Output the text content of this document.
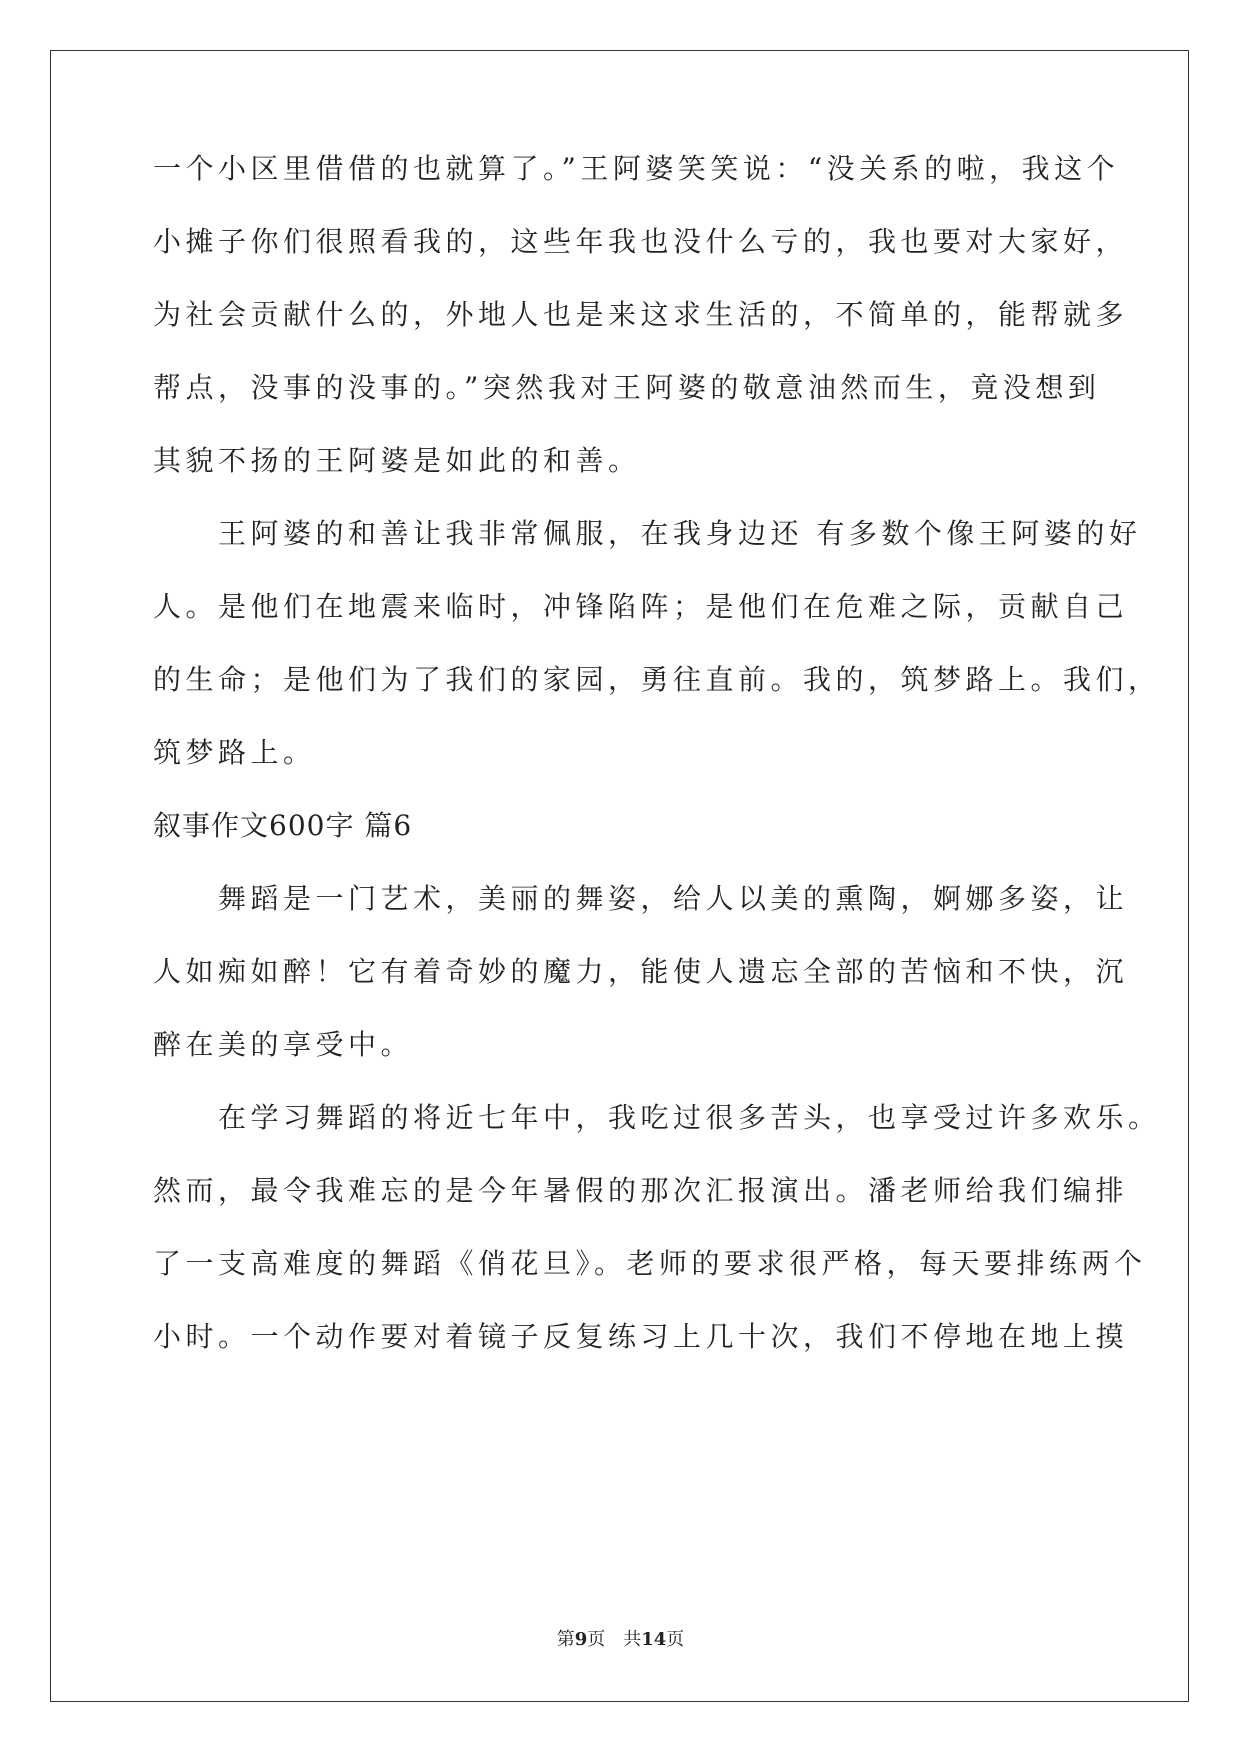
一个小区里借借的也就算了。”王阿婆笑笑说：“没关系的啦，我这个
小摊子你们很照看我的，这些年我也没什么亏的，我也要对大家好，
为社会贡献什么的，外地人也是来这求生活的，不简单的，能帮就多
帮点，没事的没事的。”突然我对王阿婆的敬意油然而生，竟没想到
其貌不扬的王阿婆是如此的和善。
　　王阿婆的和善让我非常佩服，在我身边还 有多数个像王阿婆的好
人。是他们在地震来临时，冲锋陷阵；是他们在危难之际，贡献自己
的生命；是他们为了我们的家园，勇往直前。我的，筑梦路上。我们，
筑梦路上。
叙事作文600字 篇6
　　舞蹈是一门艺术，美丽的舞姿，给人以美的熏陶，婀娜多姿，让
人如痴如醉！它有着奇妙的魔力，能使人遗忘全部的苦恼和不快，沉
醉在美的享受中。
　　在学习舞蹈的将近七年中，我吃过很多苦头，也享受过许多欢乐。
然而，最令我难忘的是今年暑假的那次汇报演出。潘老师给我们编排
了一支高难度的舞蹈《俏花旦》。老师的要求很严格，每天要排练两个
小时。一个动作要对着镜子反复练习上几十次，我们不停地在地上摸
第9页 共14页
